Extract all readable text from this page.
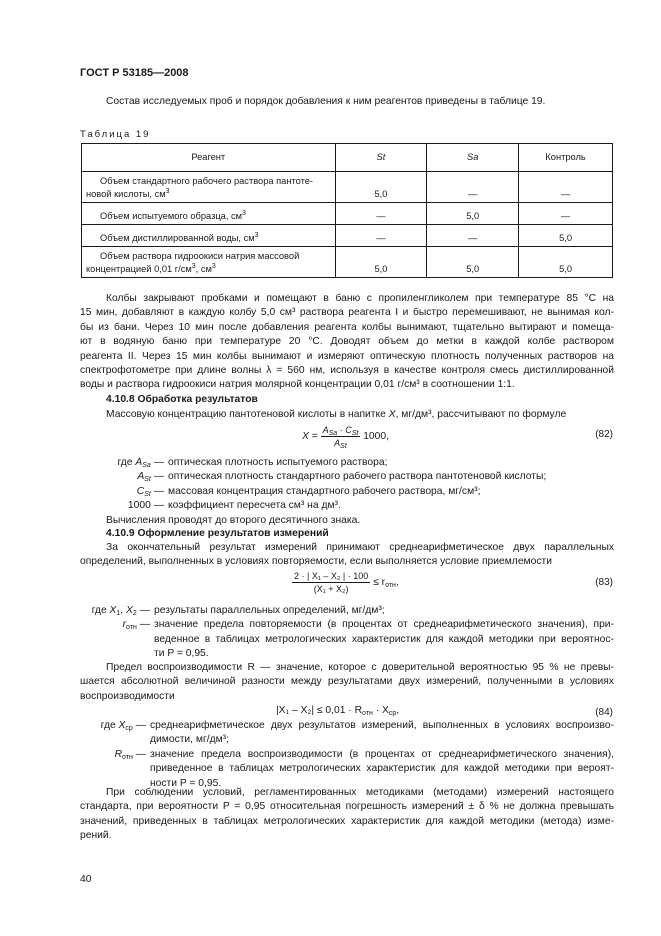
ГОСТ Р 53185—2008
Состав исследуемых проб и порядок добавления к ним реагентов приведены в таблице 19.
Таблица 19
Реагент	St	Sa	Контроль
Объем стандартного рабочего раствора пантоте-
новой кислоты, $см^3$	5,0	—	—
Объем испытуемого образца, $см^3$	—	5,0	—
Объем дистиллированной воды, $см^3$	—	—	5,0
Объем раствора гидроокиси натрия массовой
концентрацией 0,01 $г/см^3$, $см^3$	5,0	5,0	5,0
Колбы закрывают пробками и помещают в баню с пропиленгликолем при температуре 85 °С на
15 мин, добавляют в каждую колбу 5,0 см³ раствора реагента I и быстро перемешивают, не вынимая кол-
бы из бани. Через 10 мин после добавления реагента колбы вынимают, тщательно вытирают и помеща-
ют в водяную баню при температуре 20 °С. Доводят объем до метки в каждой колбе раствором
реагента II. Через 15 мин колбы вынимают и измеряют оптическую плотность полученных растворов на
спектрофотометре при длине волны λ = 560 нм, используя в качестве контроля смесь дистиллированной
воды и раствора гидроокиси натрия молярной концентрации 0,01 г/см³ в соотношении 1:1.
4.10.8 Обработка результатов
Массовую концентрацию пантотеновой кислоты в напитке X, мг/дм³, рассчитывают по формуле
$X = \frac{A_{Sa} \cdot C_{St}}{A_{St}} 1000$,	(82)
где $A_{Sa}$ — оптическая плотность испытуемого раствора;
$A_{St}$ — оптическая плотность стандартного рабочего раствора пантотеновой кислоты;
$C_{St}$ — массовая концентрация стандартного рабочего раствора, мг/см³;
1000 — коэффициент пересчета см³ на дм³.
Вычисления проводят до второго десятичного знака.
4.10.9 Оформление результатов измерений
За окончательный результат измерений принимают среднеарифметическое двух параллельных
определений, выполненных в условиях повторяемости, если выполняется условие приемлемости
$\frac{\text{2 · | X₁ – X₂ | · 100}}{\text{(X₁ + X₂)}} \le r_{отн}$,	(83)
где $X_1$, $X_2$ — результаты параллельных определений, мг/дм³;
$r_{отн}$ — значение предела повторяемости (в процентах от среднеарифметического значения), при-
веденное в таблицах метрологических характеристик для каждой методики при вероятнос-
ти P = 0,95.
Предел воспроизводимости R — значение, которое с доверительной вероятностью 95 % не превы-
шается абсолютной величиной разности между результатами двух измерений, полученными в условиях
воспроизводимости
$|X_1 - X_2| \le 0,01 \cdot R_{отн} \cdot X_{ср}$,	(84)
где $X_{ср}$ — среднеарифметическое двух результатов измерений, выполненных в условиях воспроизво-
димости, мг/дм³;
$R_{отн}$ — значение предела воспроизводимости (в процентах от среднеарифметического значения),
приведенное в таблицах метрологических характеристик для каждой методики при вероят-
ности P = 0,95.
При соблюдении условий, регламентированных методиками (методами) измерений настоящего
стандарта, при вероятности P = 0,95 относительная погрешность измерений ± δ % не должна превышать
значений, приведенных в таблицах метрологических характеристик для каждой методики (метода) изме-
рений.
40
